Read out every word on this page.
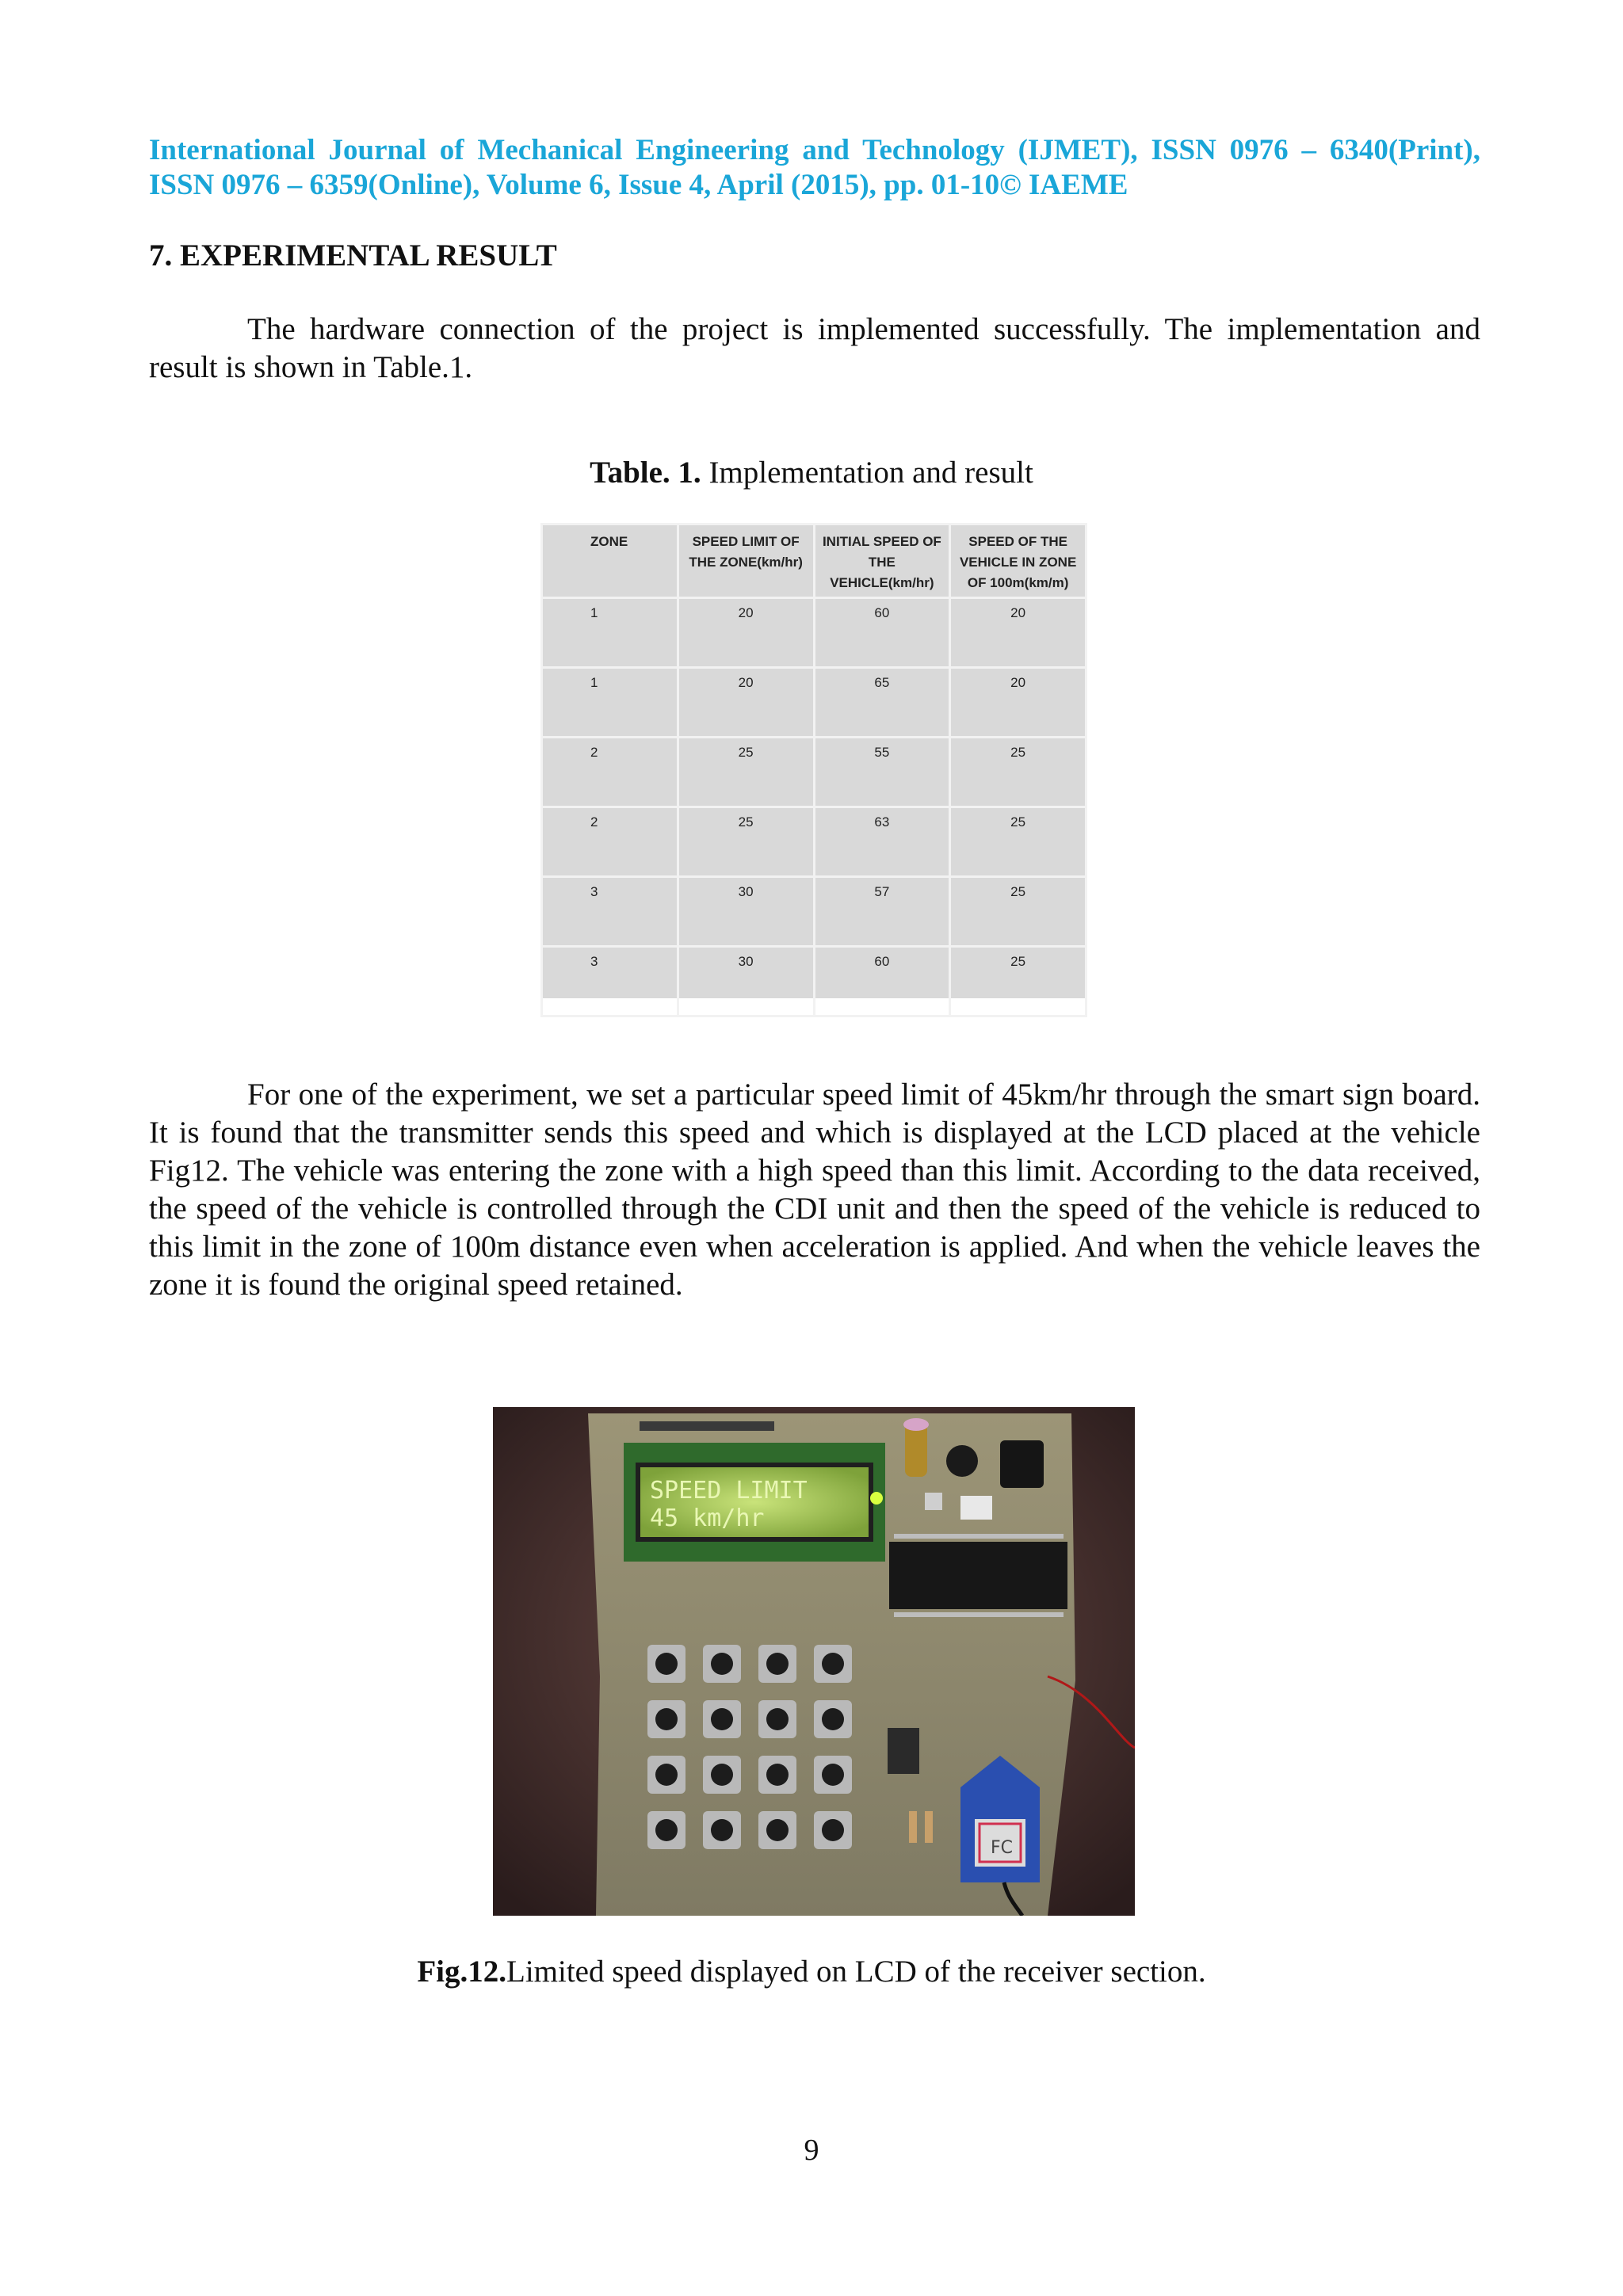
International Journal of Mechanical Engineering and Technology (IJMET), ISSN 0976 – 6340(Print), ISSN 0976 – 6359(Online), Volume 6, Issue 4, April (2015), pp. 01-10© IAEME
7. EXPERIMENTAL RESULT
The hardware connection of the project is implemented successfully. The implementation and result is shown in Table.1.
Table. 1. Implementation and result
ZONE	SPEED LIMIT OF THE ZONE(km/hr)	INITIAL SPEED OF THE VEHICLE(km/hr)	SPEED OF THE VEHICLE IN ZONE OF 100m(km/m)
1	20	60	20
1	20	65	20
2	25	55	25
2	25	63	25
3	30	57	25
3	30	60	25
For one of the experiment, we set a particular speed limit of 45km/hr through the smart sign board. It is found that the transmitter sends this speed and which is displayed at the LCD placed at the vehicle Fig12. The vehicle was entering the zone with a high speed than this limit. According to the data received, the speed of the vehicle is controlled through the CDI unit and then the speed of the vehicle is reduced to this limit in the zone of 100m distance even when acceleration is applied. And when the vehicle leaves the zone it is found the original speed retained.
SPEED LIMIT
45 km/hr
FC
Fig.12.Limited speed displayed on LCD of the receiver section.
9
